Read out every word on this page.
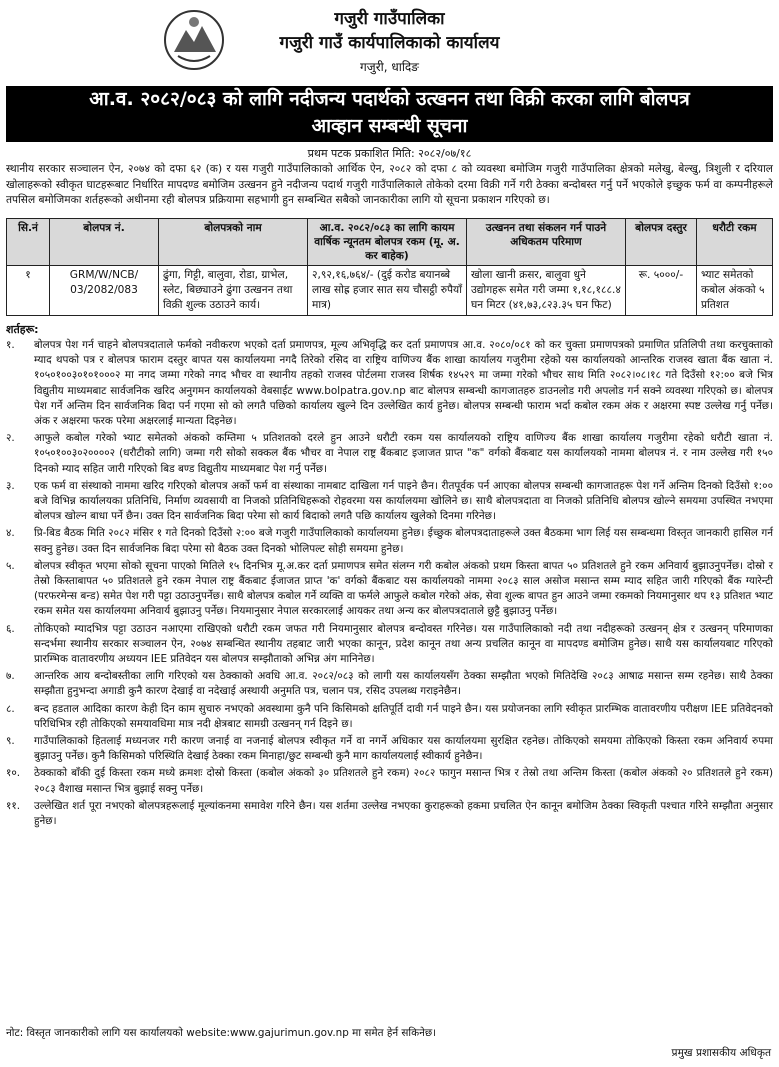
गजुरी गाउँपालिका
गजुरी गाउँ कार्यपालिकाको कार्यालय
गजुरी, धादिङ
आ.व. २०८२/०८३ को लागि नदीजन्य पदार्थको उत्खनन तथा विक्री करका लागि बोलपत्र
आव्हान सम्बन्धी सूचना
प्रथम पटक प्रकाशित मिति: २०८२/०७/१८
स्थानीय सरकार सञ्चालन ऐन, २०७४ को दफा ६२ (क) र यस गजुरी गाउँपालिकाको आर्थिक ऐन, २०८२ को दफा ८ को व्यवस्था बमोजिम गजुरी गाउँपालिका क्षेत्रको मलेखु, बेल्खु, त्रिशुली र दरियाल खोलाहरूको स्वीकृत घाटहरूबाट निर्धारित मापदण्ड बमोजिम उत्खनन हुने नदीजन्य पदार्थ गजुरी गाउँपालिकाले तोकेको दरमा विक्री गर्ने गरी ठेक्का बन्दोबस्त गर्नु पर्ने भएकोले इच्छुक फर्म वा कम्पनीहरूले तपसिल बमोजिमका शर्तहरूको अधीनमा रही बोलपत्र प्रक्रियामा सहभागी हुन सम्बन्धित सबैको जानकारीका लागि यो सूचना प्रकाशन गरिएको छ।
सि.नं	बोलपत्र नं.	बोलपत्रको नाम	आ.व. २०८२/०८३ का लागि कायम वार्षिक न्यूनतम बोलपत्र रकम (मू. अ. कर बाहेक)	उत्खनन तथा संकलन गर्न पाउने अधिकतम परिमाण	बोलपत्र दस्तुर	धरौटी रकम
१	GRM/W/NCB/ 03/2082/083	ढुंगा, गिट्टी, बालुवा, रोडा, ग्राभेल, स्लेट, बिछ्याउने ढुंगा उत्खनन तथा विक्री शुल्क उठाउने कार्य।	२,९२,१६,७६४/- (दुई करोड बयानब्बे लाख सोह्र हजार सात सय चौसट्ठी रुपैयाँ मात्र)	खोला खानी क्रसर, बालुवा धुने उद्योगहरू समेत गरी जम्मा १,१८,१८८.४ घन मिटर (४१,७३,८२३.३५ घन फिट)	रू. ५०००/-	भ्याट समेतको कबोल अंकको ५ प्रतिशत
शर्तहरू:
१.	बोलपत्र पेश गर्न चाहने बोलपत्रदाताले फर्मको नवीकरण भएको दर्ता प्रमाणपत्र, मूल्य अभिवृद्धि कर दर्ता प्रमाणपत्र आ.व. २०८०/०८१ को कर चुक्ता प्रमाणपत्रको प्रमाणित प्रतिलिपी तथा करचुक्ताको म्याद थपको पत्र र बोलपत्र फाराम दस्तुर बापत यस कार्यालयमा नगदै तिरेको रसिद वा राष्ट्रिय वाणिज्य बैंक शाखा कार्यालय गजुरीमा रहेको यस कार्यालयको आन्तरिक राजस्व खाता बैंक खाता नं. १०५०१००३०१०१०००२ मा नगद जम्मा गरेको नगद भौचर वा स्थानीय तहको राजस्व पोर्टलमा राजस्व शिर्षक १४५२९ मा जम्मा गरेको भौचर साथ मिति २०८२।०८।१८ गते दिउँसो १२:०० बजे भित्र विद्युतीय माध्यमबाट सार्वजनिक खरिद अनुगमन कार्यालयको वेबसाईट www.bolpatra.gov.np बाट बोलपत्र सम्बन्धी कागजातहरु डाउनलोड गरी अपलोड गर्न सक्ने व्यवस्था गरिएको छ। बोलपत्र पेश गर्ने अन्तिम दिन सार्वजनिक बिदा पर्न गएमा सो को लगतै पछिको कार्यालय खुल्ने दिन उल्लेखित कार्य हुनेछ। बोलपत्र सम्बन्धी फाराम भर्दा कबोल रकम अंक र अक्षरमा स्पष्ट उल्लेख गर्नु पर्नेछ। अंक र अक्षरमा फरक परेमा अक्षरलाई मान्यता दिइनेछ।
२.	आफुले कबोल गरेको भ्याट समेतको अंकको कम्तिमा ५ प्रतिशतको दरले हुन आउने धरौटी रकम यस कार्यालयको राष्ट्रिय वाणिज्य बैंक शाखा कार्यालय गजुरीमा रहेको धरौटी खाता नं. १०५०१००३०२००००२ (धरौटीको लागि) जम्मा गरी सोको सक्कल बैंक भौचर वा नेपाल राष्ट्र बैंकबाट इजाजत प्राप्त "क" वर्गको बैंकबाट यस कार्यालयको नाममा बोलपत्र नं. र नाम उल्लेख गरी १५० दिनको म्याद सहित जारी गरिएको बिड बण्ड विद्युतीय माध्यमबाट पेश गर्नु पर्नेछ।
३.	एक फर्म वा संस्थाको नाममा खरिद गरिएको बोलपत्र अर्को फर्म वा संस्थाका नामबाट दाखिला गर्न पाइने छैन। रीतपूर्वक पर्न आएका बोलपत्र सम्बन्धी कागजातहरू पेश गर्ने अन्तिम दिनको दिउँसो १:०० बजे विभिन्न कार्यालयका प्रतिनिधि, निर्माण व्यवसायी वा निजको प्रतिनिधिहरूको रोहवरमा यस कार्यालयमा खोलिने छ। साथै बोलपत्रदाता वा निजको प्रतिनिधि बोलपत्र खोल्ने समयमा उपस्थित नभएमा बोलपत्र खोल्न बाधा पर्ने छैन। उक्त दिन सार्वजनिक बिदा परेमा सो कार्य बिदाको लगतै पछि कार्यालय खुलेको दिनमा गरिनेछ।
४.	प्रि-बिड बैठक मिति २०८२ मंसिर १ गते दिनको दिउँसो २:०० बजे गजुरी गाउँपालिकाको कार्यालयमा हुनेछ। ईच्छुक बोलपत्रदाताहरूले उक्त बैठकमा भाग लिई यस सम्बन्धमा विस्तृत जानकारी हासिल गर्न सक्नु हुनेछ। उक्त दिन सार्वजनिक बिदा परेमा सो बैठक उक्त दिनको भोलिपल्ट सोही समयमा हुनेछ।
५.	बोलपत्र स्वीकृत भएमा सोको सूचना पाएको मितिले १५ दिनभित्र मू.अ.कर दर्ता प्रमाणपत्र समेत संलग्न गरी कबोल अंकको प्रथम किस्ता बापत ५० प्रतिशतले हुने रकम अनिवार्य बुझाउनुपर्नेछ। दोस्रो र तेस्रो किस्ताबापत ५० प्रतिशतले हुने रकम नेपाल राष्ट्र बैंकबाट ईजाजत प्राप्त 'क' वर्गको बैंकबाट यस कार्यालयको नाममा २०८३ साल असोज मसान्त सम्म म्याद सहित जारी गरिएको बैंक ग्यारेन्टी (परफरमेन्स बन्ड) समेत पेश गरी पट्टा उठाउनुपर्नेछ। साथै बोलपत्र कबोल गर्ने व्यक्ति वा फर्मले आफुले कबोल गरेको अंक, सेवा शुल्क बापत हुन आउने जम्मा रकमको नियमानुसार थप १३ प्रतिशत भ्याट रकम समेत यस कार्यालयमा अनिवार्य बुझाउनु पर्नेछ। नियमानुसार नेपाल सरकारलाई आयकर तथा अन्य कर बोलपत्रदाताले छुट्टै बुझाउनु पर्नेछ।
६.	तोकिएको म्यादभित्र पट्टा उठाउन नआएमा राखिएको धरौटी रकम जफत गरी नियमानुसार बोलपत्र बन्दोवस्त गरिनेछ। यस गाउँपालिकाको नदी तथा नदीहरूको उत्खनन् क्षेत्र र उत्खनन् परिमाणका सन्दर्भमा स्थानीय सरकार सञ्चालन ऐन, २०७४ सम्बन्धित स्थानीय तहबाट जारी भएका कानून, प्रदेश कानून तथा अन्य प्रचलित कानून वा मापदण्ड बमोजिम हुनेछ। साथै यस कार्यालयबाट गरिएको प्रारम्भिक वातावरणीय अध्ययन IEE प्रतिवेदन यस बोलपत्र सम्झौताको अभिन्न अंग मानिनेछ।
७.	आन्तरिक आय बन्दोबस्तीका लागि गरिएको यस ठेक्काको अवधि आ.व. २०८२/०८३ को लागी यस कार्यालयसँग ठेक्का सम्झौता भएको मितिदेखि २०८३ आषाढ मसान्त सम्म रहनेछ। साथै ठेक्का सम्झौता हुनुभन्दा अगाडी कुनै कारण देखाई वा नदेखाई अस्थायी अनुमति पत्र, चलान पत्र, रसिद उपलब्ध गराइनेछैन।
८.	बन्द हडताल आदिका कारण केही दिन काम सुचारु नभएको अवस्थामा कुनै पनि किसिमको क्षतिपूर्ति दावी गर्न पाइने छैन। यस प्रयोजनका लागि स्वीकृत प्रारम्भिक वातावरणीय परीक्षण IEE प्रतिवेदनको परिधिभित्र रही तोकिएको समयावधिमा मात्र नदी क्षेत्रबाट सामग्री उत्खनन् गर्न दिइने छ।
९.	गाउँपालिकाको हितलाई मध्यनजर गरी कारण जनाई वा नजनाई बोलपत्र स्वीकृत गर्ने वा नगर्ने अधिकार यस कार्यालयमा सुरक्षित रहनेछ। तोकिएको समयमा तोकिएको किस्ता रकम अनिवार्य रुपमा बुझाउनु पर्नेछ। कुनै किसिमको परिस्थिति देखाई ठेक्का रकम मिनाहा/छुट सम्बन्धी कुनै माग कार्यालयलाई स्वीकार्य हुनेछैन।
१०.	ठेक्काको बाँकी दुई किस्ता रकम मध्ये क्रमशः दोस्रो किस्ता (कबोल अंकको ३० प्रतिशतले हुने रकम) २०८२ फागुन मसान्त भित्र र तेस्रो तथा अन्तिम किस्ता (कबोल अंकको २० प्रतिशतले हुने रकम) २०८३ वैशाख मसान्त भित्र बुझाई सक्नु पर्नेछ।
११.	उल्लेखित शर्त पूरा नभएको बोलपत्रहरूलाई मूल्यांकनमा समावेश गरिने छैन। यस शर्तमा उल्लेख नभएका कुराहरूको हकमा प्रचलित ऐन कानून बमोजिम ठेक्का स्विकृती पश्चात गरिने सम्झौता अनुसार हुनेछ।
नोट: विस्तृत जानकारीको लागि यस कार्यालयको website:www.gajurimun.gov.np मा समेत हेर्न सकिनेछ।
प्रमुख प्रशासकीय अधिकृत
